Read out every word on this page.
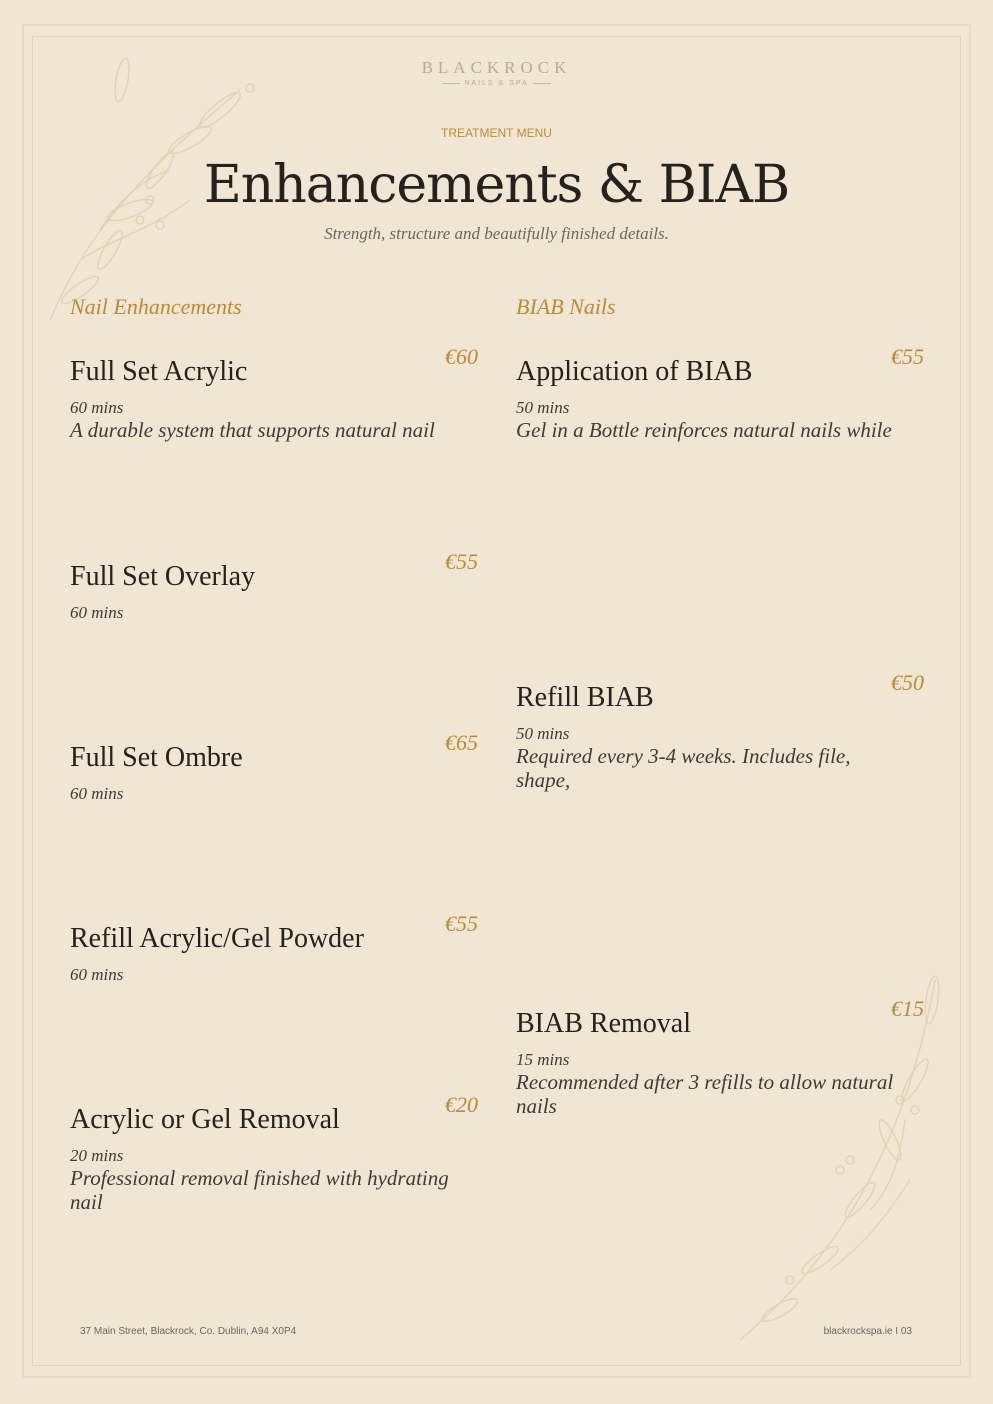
BLACKROCK
NAILS & SPA
TREATMENT MENU
Enhancements & BIAB
Strength, structure and beautifully finished details.
Nail Enhancements	BIAB Nails
€60
Full Set Acrylic
60 mins
A durable system that supports natural nail
€55
Full Set Overlay
60 mins
€65
Full Set Ombre
60 mins
€55
Refill Acrylic/Gel Powder
60 mins
€20
Acrylic or Gel Removal
20 mins
Professional removal finished with hydrating nail
€55
Application of BIAB
50 mins
Gel in a Bottle reinforces natural nails while
€50
Refill BIAB
50 mins
Required every 3-4 weeks. Includes file, shape,
€15
BIAB Removal
15 mins
Recommended after 3 refills to allow natural nails
37 Main Street, Blackrock, Co. Dublin, A94 X0P4	blackrockspa.ie I 03
